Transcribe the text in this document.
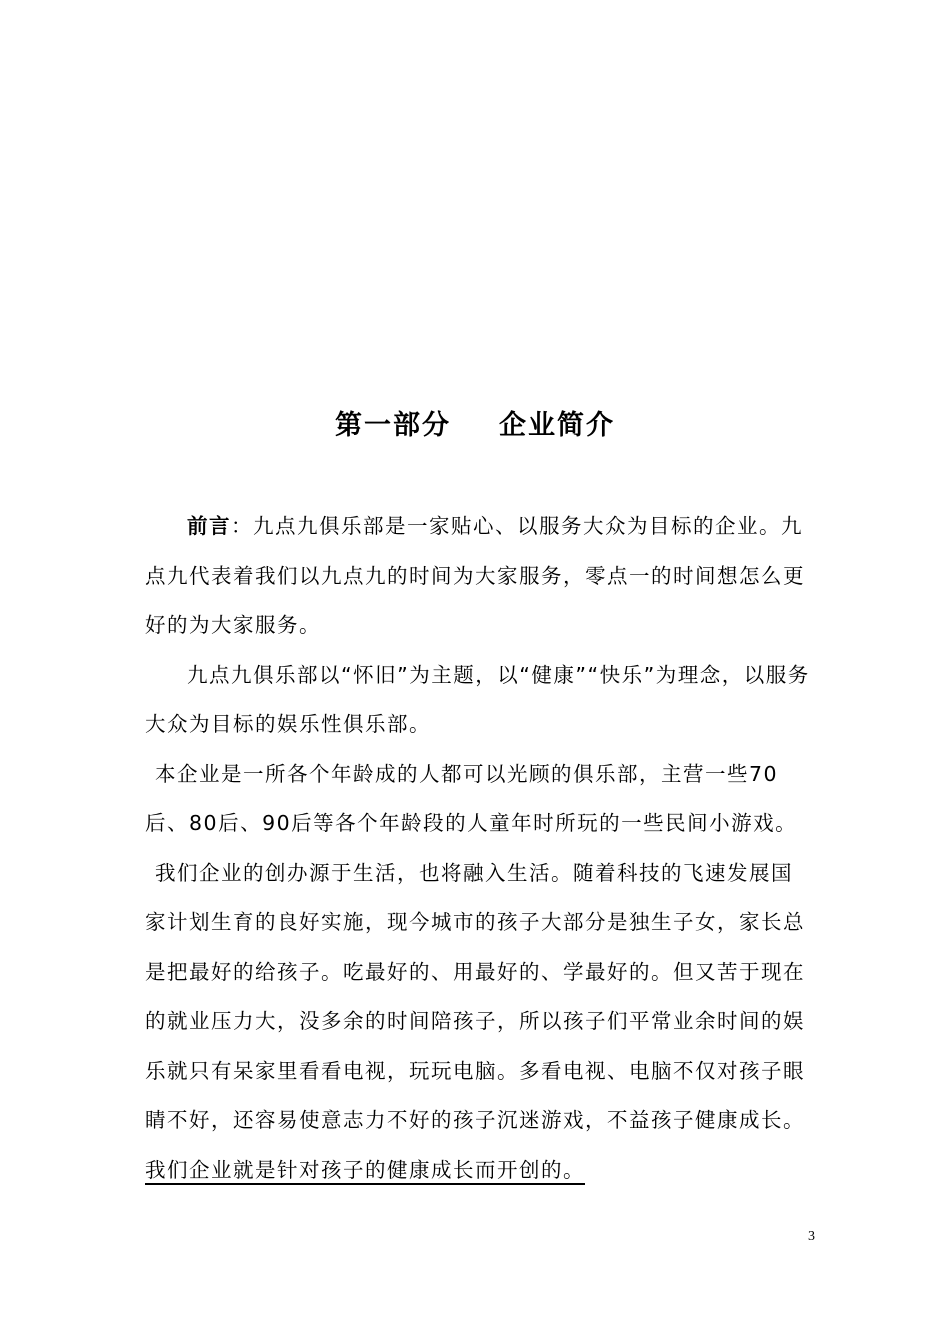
第一部分 企业简介

前言：九点九俱乐部是一家贴心、以服务大众为目标的企业。九点九代表着我们以九点九的时间为大家服务，零点一的时间想怎么更好的为大家服务。

九点九俱乐部以“怀旧”为主题，以“健康”“快乐”为理念，以服务大众为目标的娱乐性俱乐部。

本企业是一所各个年龄成的人都可以光顾的俱乐部，主营一些70后、80后、90后等各个年龄段的人童年时所玩的一些民间小游戏。

我们企业的创办源于生活，也将融入生活。随着科技的飞速发展国家计划生育的良好实施，现今城市的孩子大部分是独生子女，家长总是把最好的给孩子。吃最好的、用最好的、学最好的。但又苦于现在的就业压力大，没多余的时间陪孩子，所以孩子们平常业余时间的娱乐就只有呆家里看看电视，玩玩电脑。多看电视、电脑不仅对孩子眼睛不好，还容易使意志力不好的孩子沉迷游戏，不益孩子健康成长。我们企业就是针对孩子的健康成长而开创的。

3
